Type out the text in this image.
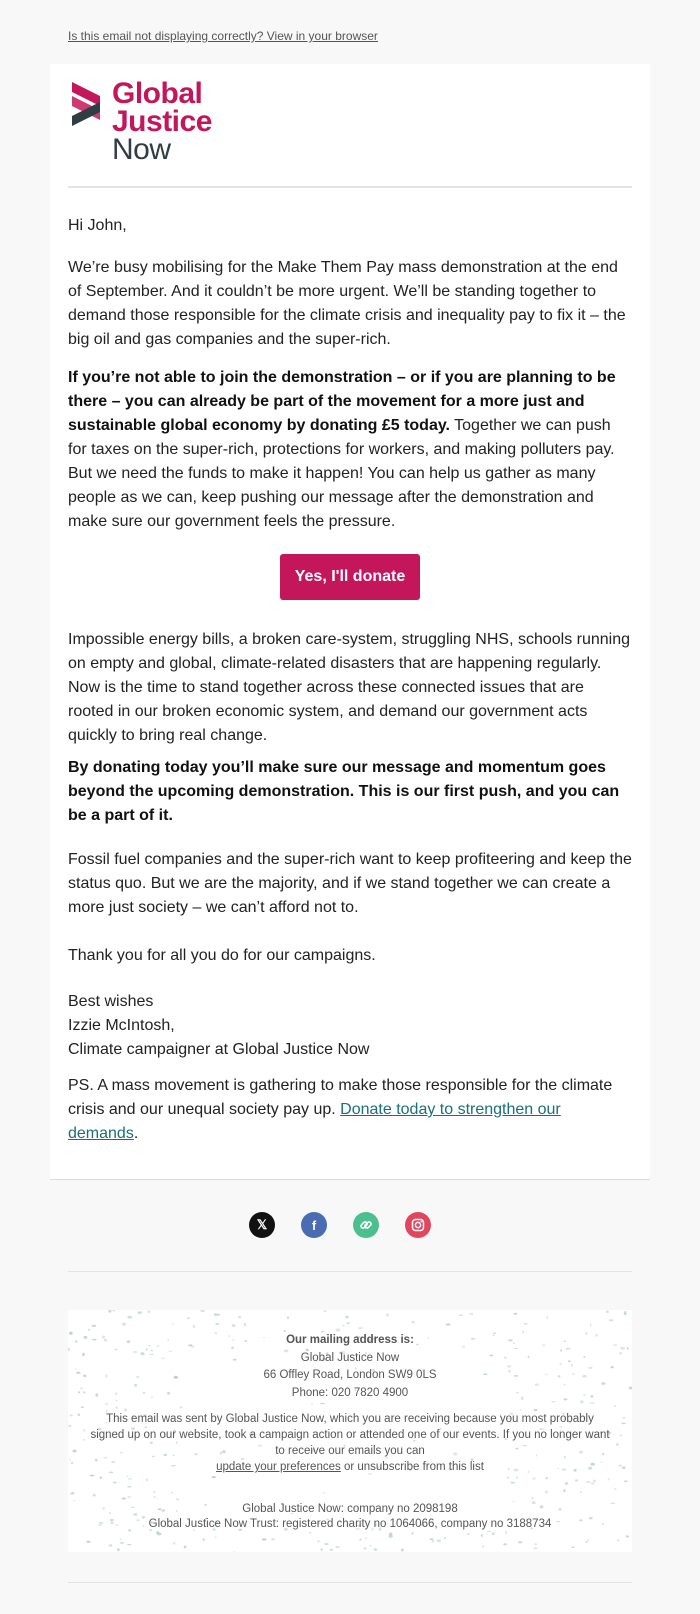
Is this email not displaying correctly? View in your browser
Global
Justice
Now
Hi John,
We’re busy mobilising for the Make Them Pay mass demonstration at the end of September. And it couldn’t be more urgent. We’ll be standing together to demand those responsible for the climate crisis and inequality pay to fix it – the big oil and gas companies and the super-rich.
If you’re not able to join the demonstration – or if you are planning to be there – you can already be part of the movement for a more just and sustainable global economy by donating £5 today. Together we can push for taxes on the super-rich, protections for workers, and making polluters pay. But we need the funds to make it happen! You can help us gather as many people as we can, keep pushing our message after the demonstration and make sure our government feels the pressure.
Yes, I'll donate
Impossible energy bills, a broken care-system, struggling NHS, schools running on empty and global, climate-related disasters that are happening regularly. Now is the time to stand together across these connected issues that are rooted in our broken economic system, and demand our government acts quickly to bring real change.
By donating today you’ll make sure our message and momentum goes beyond the upcoming demonstration. This is our first push, and you can be a part of it.
Fossil fuel companies and the super-rich want to keep profiteering and keep the status quo. But we are the majority, and if we stand together we can create a more just society – we can’t afford not to.
Thank you for all you do for our campaigns.
Best wishes
Izzie McIntosh,
Climate campaigner at Global Justice Now
PS. A mass movement is gathering to make those responsible for the climate crisis and our unequal society pay up. Donate today to strengthen our demands.
𝕏	f
Our mailing address is:
Global Justice Now
66 Offley Road, London SW9 0LS
Phone: 020 7820 4900
This email was sent by Global Justice Now, which you are receiving because you most probably
signed up on our website, took a campaign action or attended one of our events. If you no longer want
to receive our emails you can
update your preferences or unsubscribe from this list
Global Justice Now: company no 2098198
Global Justice Now Trust: registered charity no 1064066, company no 3188734
